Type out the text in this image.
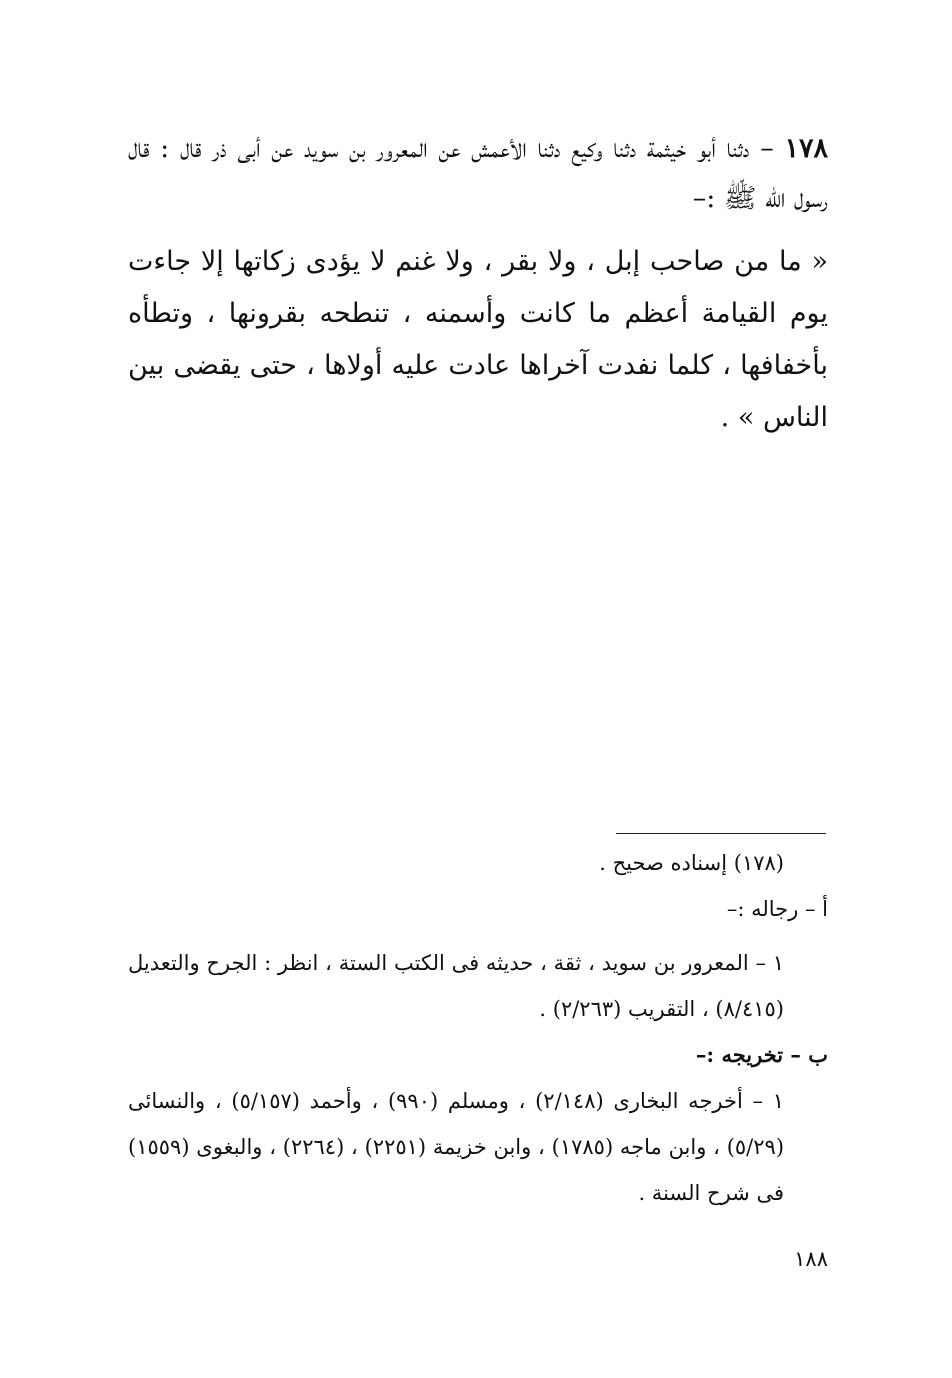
١٧٨ – دثنا أبو خيثمة دثنا وكيع دثنا الأعمش عن المعرور بن سويد عن أبى ذر قال : قال رسول الله ﷺ :–

« ما من صاحب إبل ، ولا بقر ، ولا غنم لا يؤدى زكاتها إلا جاءت يوم القيامة أعظم ما كانت وأسمنه ، تنطحه بقرونها ، وتطأه بأخفافها ، كلما نفدت آخراها عادت عليه أولاها ، حتى يقضى بين الناس » .

(١٧٨) إسناده صحيح .

أ – رجاله :–

١ – المعرور بن سويد ، ثقة ، حديثه فى الكتب الستة ، انظر : الجرح والتعديل (٨/٤١٥) ، التقريب (٢/٢٦٣) .

ب – تخريجه :–

١ – أخرجه البخارى (٢/١٤٨) ، ومسلم (٩٩٠) ، وأحمد (٥/١٥٧) ، والنسائى (٥/٢٩) ، وابن ماجه (١٧٨٥) ، وابن خزيمة (٢٢٥١) ، (٢٢٦٤) ، والبغوى (١٥٥٩) فى شرح السنة .

١٨٨
